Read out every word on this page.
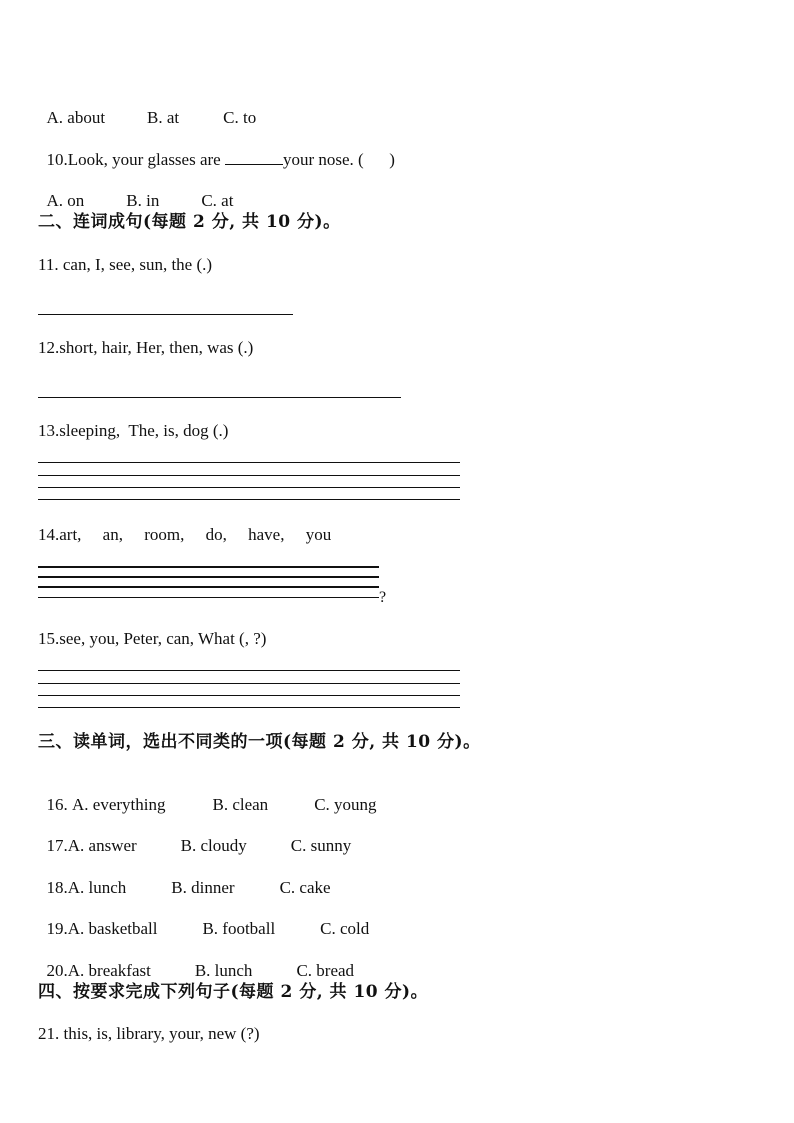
A. about B. at	C. to

10.Look, your glasses are	your nose. (      )

A. on B. in C. at

二、连词成句(每题 2 分, 共 10 分)。
11. can, I, see, sun, the (.)
12.short, hair, Her, then, was (.)
13.sleeping,  The, is, dog (.)
14.art,     an,     room,     do,     have,     you
?
15.see, you, Peter, can, What (, ?)
三、读单词，选出不同类的一项(每题 2 分, 共 10 分)。

16. A. everything	B. clean	C. young

17.A. answer	B. cloudy	C. sunny

18.A. lunch	B. dinner	C. cake

19.A. basketball	B. football	C. cold

20.A. breakfast	B. lunch	C. bread

四、按要求完成下列句子(每题 2 分, 共 10 分)。
21. this, is, library, your, new (?)
